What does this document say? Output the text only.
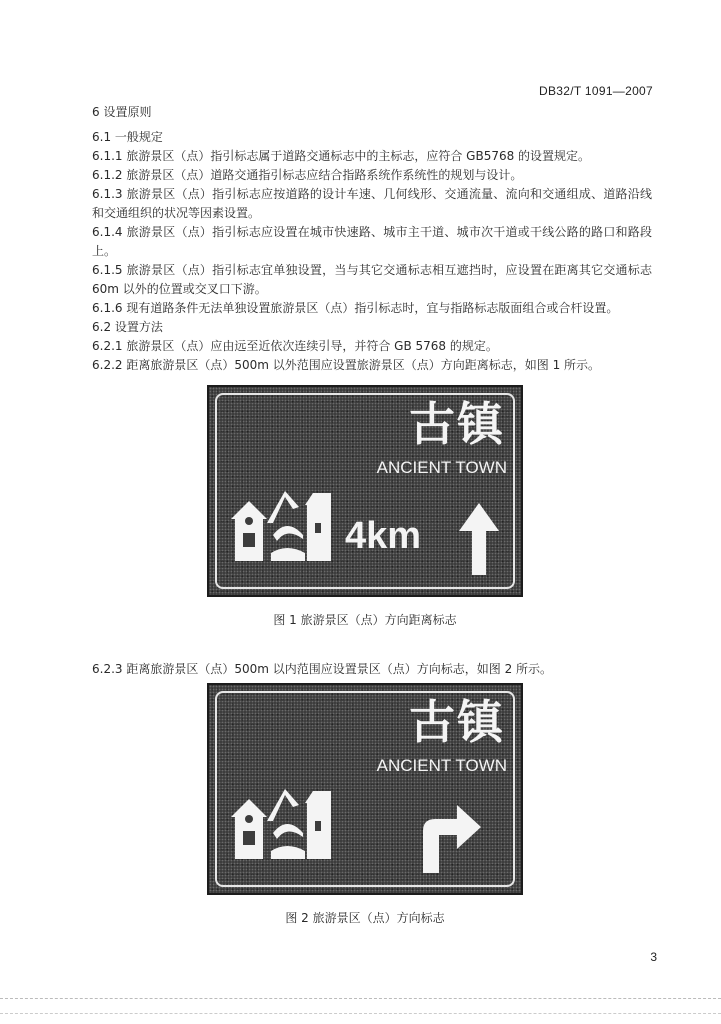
DB32/T 1091—2007

6 设置原则

6.1 一般规定

6.1.1 旅游景区（点）指引标志属于道路交通标志中的主标志，应符合 GB5768 的设置规定。

6.1.2 旅游景区（点）道路交通指引标志应结合指路系统作系统性的规划与设计。

6.1.3 旅游景区（点）指引标志应按道路的设计车速、几何线形、交通流量、流向和交通组成、道路沿线和交通组织的状况等因素设置。

6.1.4 旅游景区（点）指引标志应设置在城市快速路、城市主干道、城市次干道或干线公路的路口和路段上。

6.1.5 旅游景区（点）指引标志宜单独设置，当与其它交通标志相互遮挡时，应设置在距离其它交通标志 60m 以外的位置或交叉口下游。

6.1.6 现有道路条件无法单独设置旅游景区（点）指引标志时，宜与指路标志版面组合或合杆设置。

6.2 设置方法

6.2.1 旅游景区（点）应由远至近依次连续引导，并符合 GB 5768 的规定。

6.2.2 距离旅游景区（点）500m 以外范围应设置旅游景区（点）方向距离标志，如图 1 所示。

古镇
ANCIENT TOWN
4km
图 1 旅游景区（点）方向距离标志

6.2.3 距离旅游景区（点）500m 以内范围应设置景区（点）方向标志，如图 2 所示。

古镇
ANCIENT TOWN
图 2 旅游景区（点）方向标志
3
